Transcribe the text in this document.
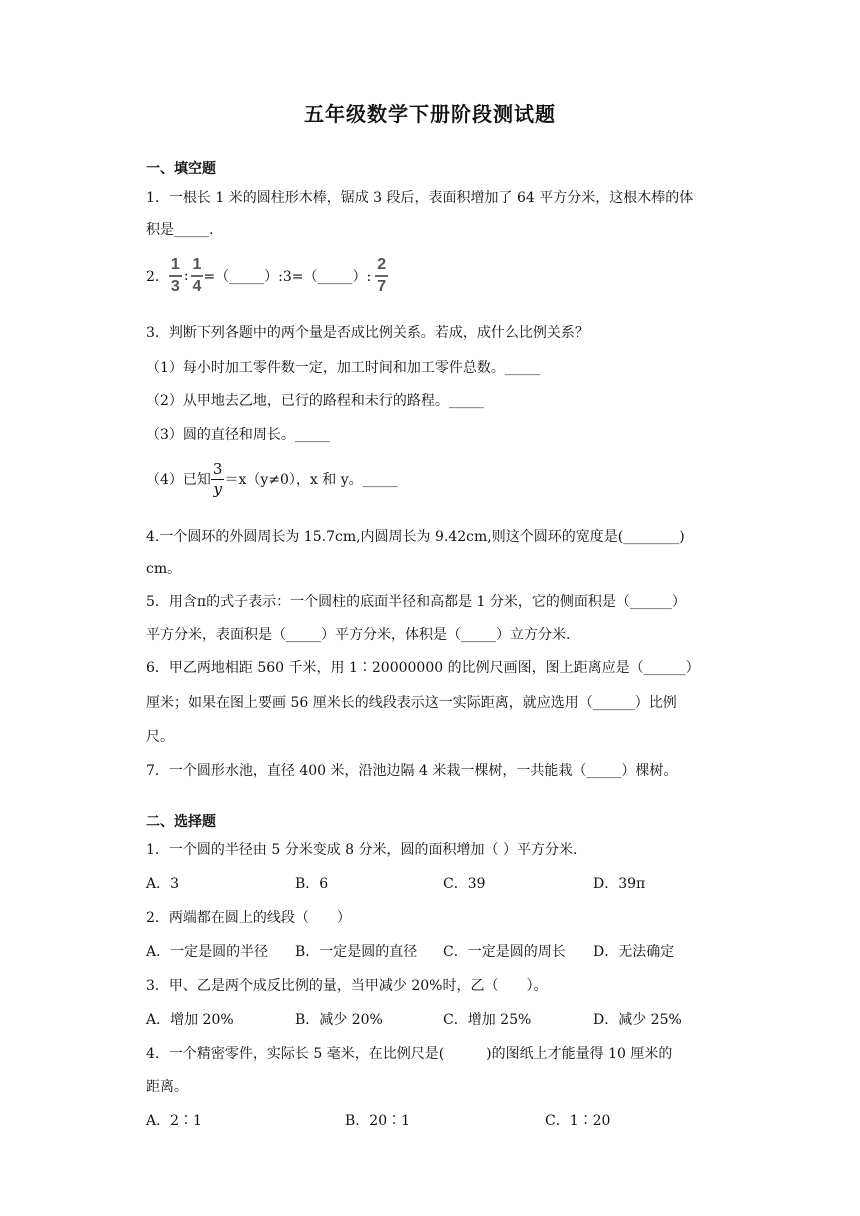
五年级数学下册阶段测试题
一、填空题
1．一根长 1 米的圆柱形木棒，锯成 3 段后，表面积增加了 64 平方分米，这根木棒的体
积是_____.
2． $\frac{1}{3}$ : $\frac{1}{4}$ =（_____）:3=（_____）: $\frac{2}{7}$
3．判断下列各题中的两个量是否成比例关系。若成，成什么比例关系？
（1）每小时加工零件数一定，加工时间和加工零件总数。_____
（2）从甲地去乙地，已行的路程和未行的路程。_____
（3）圆的直径和周长。_____
（4）已知 $\frac{3}{y} =x(y\ne 0)$，x 和 y。_____
4.一个圆环的外圆周长为 15.7cm,内圆周长为 9.42cm,则这个圆环的宽度是(________)
cm。
5．用含π的式子表示：一个圆柱的底面半径和高都是 1 分米，它的侧面积是（______）
平方分米，表面积是（_____）平方分米，体积是（_____）立方分米.
6．甲乙两地相距 560 千米，用 1∶20000000 的比例尺画图，图上距离应是（______）
厘米；如果在图上要画 56 厘米长的线段表示这一实际距离，就应选用（______）比例
尺。
7．一个圆形水池，直径 400 米，沿池边隔 4 米栽一棵树，一共能栽（_____）棵树。
二、选择题
1．一个圆的半径由 5 分米变成 8 分米，圆的面积增加（ ）平方分米.
A．3	B．6	C．39	D．39π
2．两端都在圆上的线段（　　）
A．一定是圆的半径 B．一定是圆的直径 C．一定是圆的周长 D．无法确定
3．甲、乙是两个成反比例的量，当甲减少 20%时，乙（　　）。
A．增加 20%	B．减少 20%	C．增加 25%	D．减少 25%
4．一个精密零件，实际长 5 毫米，在比例尺是(　　　)的图纸上才能量得 10 厘米的
距离。
A．2∶1	B．20∶1	C．1∶20
